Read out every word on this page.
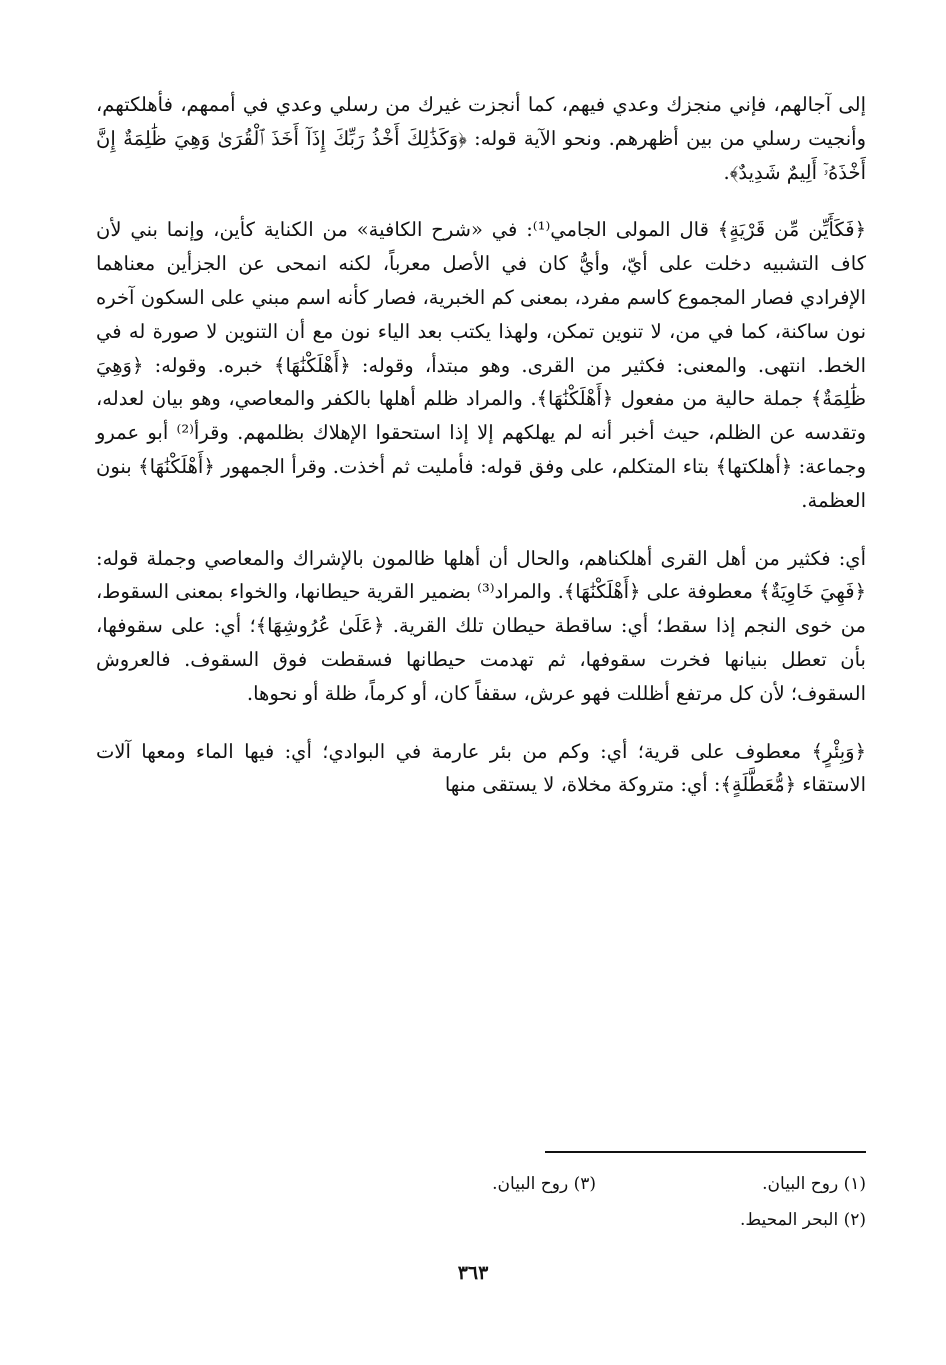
إلى آجالهم، فإني منجزك وعدي فيهم، كما أنجزت غيرك من رسلي وعدي في أممهم، فأهلكتهم، وأنجيت رسلي من بين أظهرهم. ونحو الآية قوله: ﴿وَكَذَٰلِكَ أَخْذُ رَبِّكَ إِذَآ أَخَذَ ٱلْقُرَىٰ وَهِيَ ظَٰلِمَةٌ إِنَّ أَخْذَهُۥٓ أَلِيمٌ شَدِيدٌ﴾.

﴿فَكَأَيِّن مِّن قَرْيَةٍ﴾ قال المولى الجامي⁽¹⁾: في «شرح الكافية» من الكناية كأين، وإنما بني لأن كاف التشبيه دخلت على أيّ، وأيُّ كان في الأصل معرباً، لكنه انمحى عن الجزأين معناهما الإفرادي فصار المجموع كاسم مفرد، بمعنى كم الخبرية، فصار كأنه اسم مبني على السكون آخره نون ساكنة، كما في من، لا تنوين تمكن، ولهذا يكتب بعد الياء نون مع أن التنوين لا صورة له في الخط. انتهى. والمعنى: فكثير من القرى. وهو مبتدأ، وقوله: ﴿أَهْلَكْنَٰهَا﴾ خبره. وقوله: ﴿وَهِيَ ظَٰلِمَةٌ﴾ جملة حالية من مفعول ﴿أَهْلَكْنَٰهَا﴾. والمراد ظلم أهلها بالكفر والمعاصي، وهو بيان لعدله، وتقدسه عن الظلم، حيث أخبر أنه لم يهلكهم إلا إذا استحقوا الإهلاك بظلمهم. وقرأ⁽²⁾ أبو عمرو وجماعة: ﴿أهلكتها﴾ بتاء المتكلم، على وفق قوله: فأمليت ثم أخذت. وقرأ الجمهور ﴿أَهْلَكْنَٰهَا﴾ بنون العظمة.

أي: فكثير من أهل القرى أهلكناهم، والحال أن أهلها ظالمون بالإشراك والمعاصي وجملة قوله: ﴿فَهِيَ خَاوِيَةٌ﴾ معطوفة على ﴿أَهْلَكْنَٰهَا﴾. والمراد⁽³⁾ بضمير القرية حيطانها، والخواء بمعنى السقوط، من خوى النجم إذا سقط؛ أي: ساقطة حيطان تلك القرية. ﴿عَلَىٰ عُرُوشِهَا﴾؛ أي: على سقوفها، بأن تعطل بنيانها فخرت سقوفها، ثم تهدمت حيطانها فسقطت فوق السقوف. فالعروش السقوف؛ لأن كل مرتفع أظللت فهو عرش، سقفاً كان، أو كرماً، ظلة أو نحوها.

﴿وَبِئْرٍ﴾ معطوف على قرية؛ أي: وكم من بئر عارمة في البوادي؛ أي: فيها الماء ومعها آلات الاستقاء ﴿مُّعَطَّلَةٍ﴾: أي: متروكة مخلاة، لا يستقى منها

(١) روح البيان.
(٣) روح البيان.
(٢) البحر المحيط.
٣٦٣
